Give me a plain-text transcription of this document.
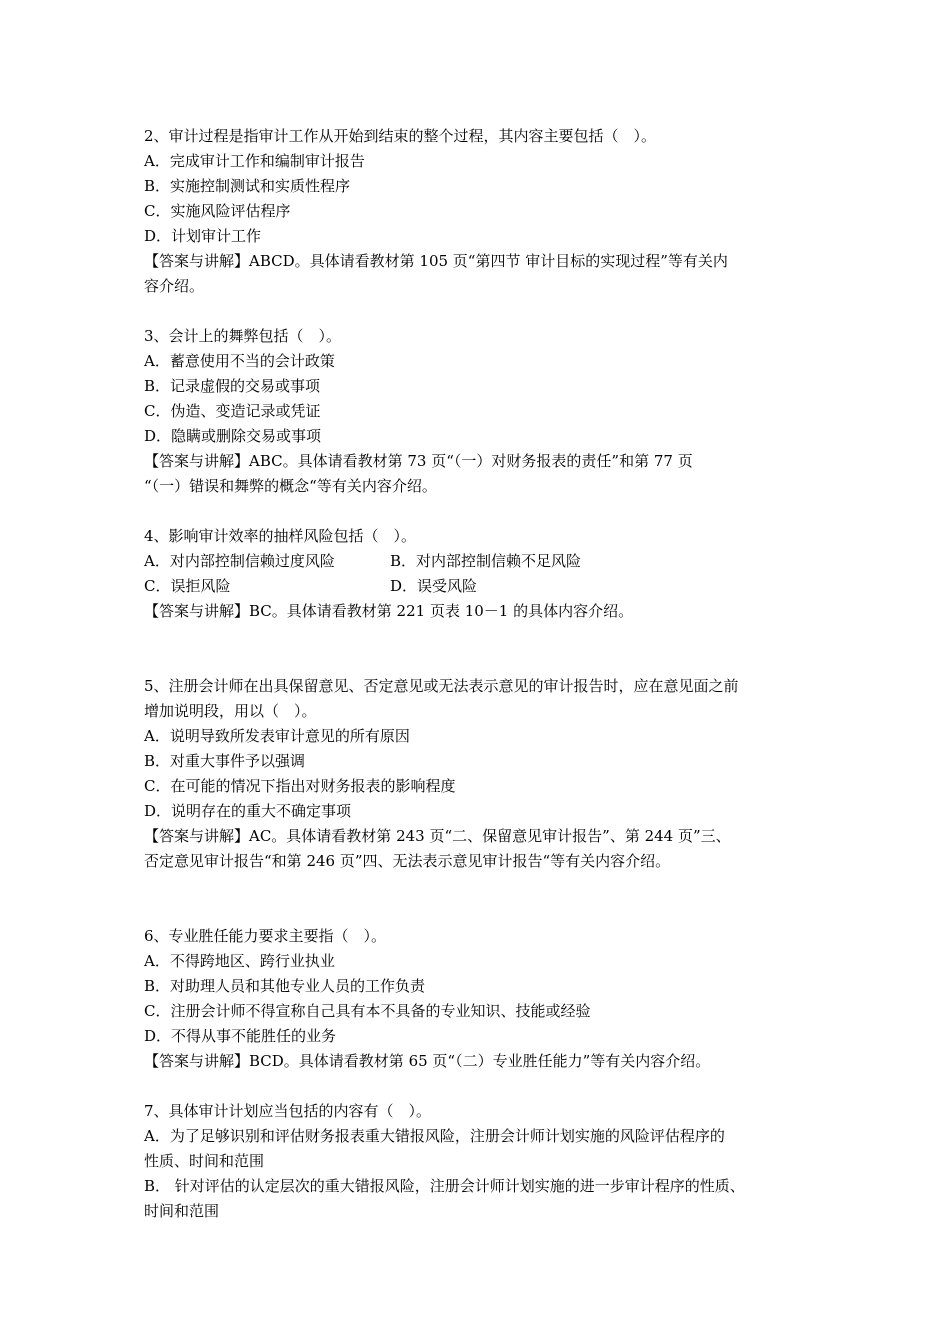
2、审计过程是指审计工作从开始到结束的整个过程，其内容主要包括（　）。
A．完成审计工作和编制审计报告
B．实施控制测试和实质性程序
C．实施风险评估程序
D．计划审计工作
【答案与讲解】ABCD。具体请看教材第 105 页“第四节 审计目标的实现过程”等有关内
容介绍。
3、会计上的舞弊包括（　）。
A．蓄意使用不当的会计政策
B．记录虚假的交易或事项
C．伪造、变造记录或凭证
D．隐瞒或删除交易或事项
【答案与讲解】ABC。具体请看教材第 73 页“（一）对财务报表的责任”和第 77 页
“（一）错误和舞弊的概念“等有关内容介绍。
4、影响审计效率的抽样风险包括（　）。
A．对内部控制信赖过度风险	B．对内部控制信赖不足风险
C．误拒风险	D．误受风险
【答案与讲解】BC。具体请看教材第 221 页表 10－1 的具体内容介绍。
5、注册会计师在出具保留意见、否定意见或无法表示意见的审计报告时，应在意见面之前
增加说明段，用以（　）。
A．说明导致所发表审计意见的所有原因
B．对重大事件予以强调
C．在可能的情况下指出对财务报表的影响程度
D．说明存在的重大不确定事项
【答案与讲解】AC。具体请看教材第 243 页“二、保留意见审计报告”、第 244 页”三、
否定意见审计报告“和第 246 页”四、无法表示意见审计报告“等有关内容介绍。
6、专业胜任能力要求主要指（　）。
A．不得跨地区、跨行业执业
B．对助理人员和其他专业人员的工作负责
C．注册会计师不得宣称自己具有本不具备的专业知识、技能或经验
D．不得从事不能胜任的业务
【答案与讲解】BCD。具体请看教材第 65 页“（二）专业胜任能力”等有关内容介绍。
7、具体审计计划应当包括的内容有（　）。
A．为了足够识别和评估财务报表重大错报风险，注册会计师计划实施的风险评估程序的
性质、时间和范围
B． 针对评估的认定层次的重大错报风险，注册会计师计划实施的进一步审计程序的性质、
时间和范围
